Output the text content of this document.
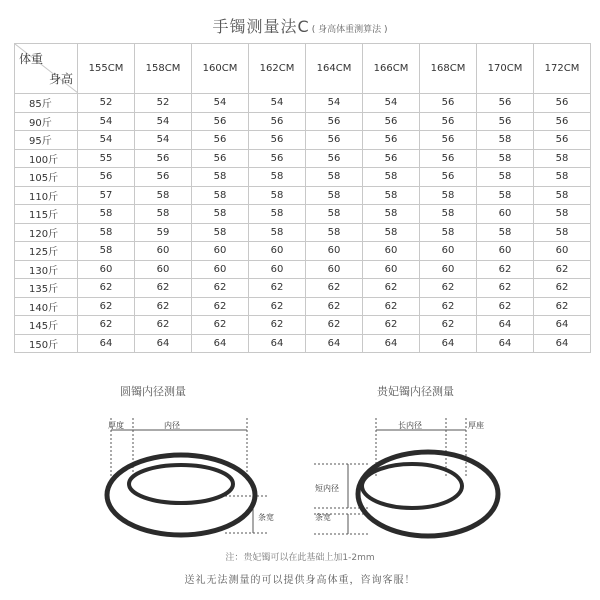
手镯测量法C ( 身高体重测算法 )
体重
身高	155CM	158CM	160CM	162CM	164CM	166CM	168CM	170CM	172CM
85斤	52	52	54	54	54	54	56	56	56
90斤	54	54	56	56	56	56	56	56	56
95斤	54	54	56	56	56	56	56	58	56
100斤	55	56	56	56	56	56	56	58	58
105斤	56	56	58	58	58	58	56	58	58
110斤	57	58	58	58	58	58	58	58	58
115斤	58	58	58	58	58	58	58	60	58
120斤	58	59	58	58	58	58	58	58	58
125斤	58	60	60	60	60	60	60	60	60
130斤	60	60	60	60	60	60	60	62	62
135斤	62	62	62	62	62	62	62	62	62
140斤	62	62	62	62	62	62	62	62	62
145斤	62	62	62	62	62	62	62	64	64
150斤	64	64	64	64	64	64	64	64	64
圆镯内径测量
厚度	内径
条宽
贵妃镯内径测量
长内径	厚座
短内径
条宽
注：贵妃镯可以在此基础上加1-2mm
送礼无法测量的可以提供身高体重，咨询客服！
